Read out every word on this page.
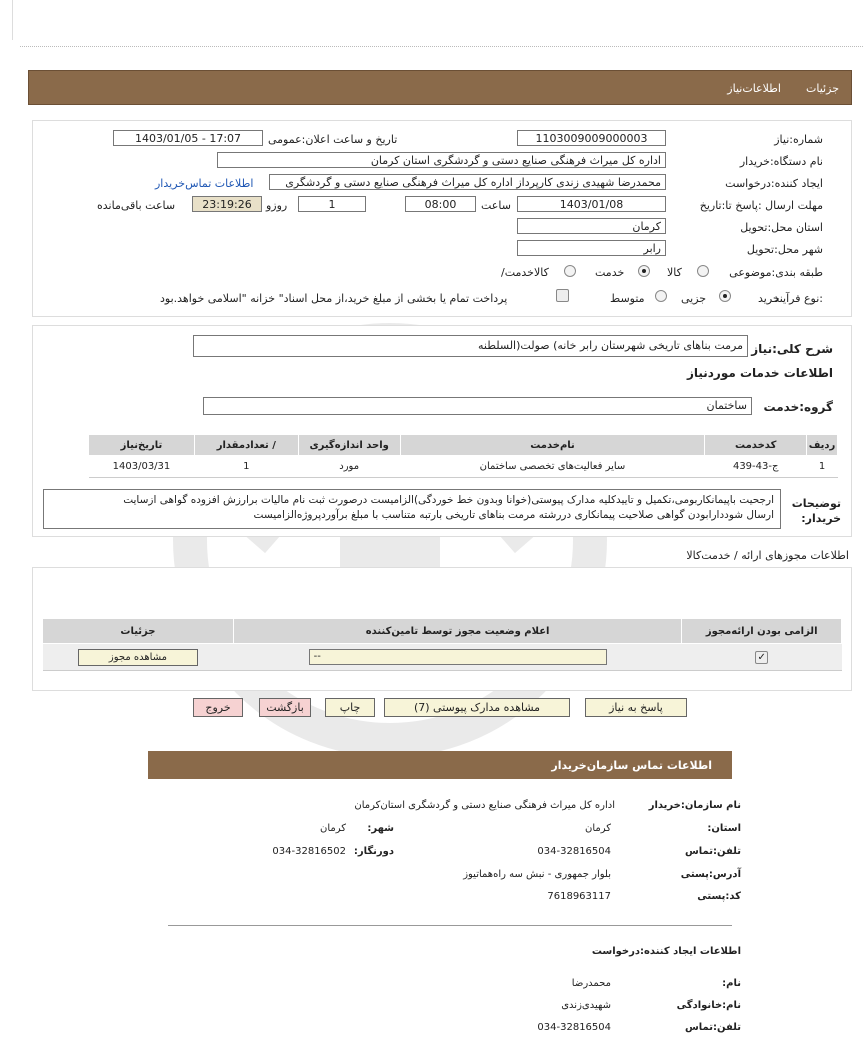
جزئیات
اطلاعات‌نیاز
شماره:نیاز
1103009009000003
تاریخ و ساعت اعلان:عمومی
1403/01/05 - 17:07
نام دستگاه:خریدار
اداره کل میراث فرهنگی صنایع دستی و گردشگری استان کرمان
ایجاد کننده:درخواست
محمدرضا شهیدی زندی کارپرداز اداره کل میراث فرهنگی صنایع دستی و گردشگری
اطلاعات تماس‌خریدار
مهلت ارسال :پاسخ تا:تاریخ
1403/01/08
ساعت
08:00
1
روزو
23:19:26
ساعت باقی‌مانده
استان محل:تحویل
کرمان
شهر محل:تحویل
رابر
طبقه بندی:موضوعی
کالا
خدمت
/کالاخدمت
نوع فرآیند:
خرید
جزیی
متوسط
پرداخت تمام یا بخشی از مبلغ خرید،از محل اسناد" خزانه "اسلامی خواهد.بود
شرح کلی:نیاز
مرمت بناهای تاریخی شهرستان رابر خانه) صولت(السلطنه
اطلاعات خدمات موردنیاز
گروه:خدمت
ساختمان
ردیف	کدخدمت	نام‌خدمت	واحد اندازه‌گیری	/ تعدادمقدار	تاریخ‌نیاز
1	ج-43-439	سایر فعالیت‌های تخصصی ساختمان	مورد	1	1403/03/31
توضیحات
:خریدار
ارجحیت باپیمانکاربومی،تکمیل و تاییدکلیه مدارک پیوستی(خوانا وبدون خط خوردگی)الزامیست درصورت ثبت نام مالیات برارزش افزوده گواهی ازسایت
ارسال شوددارابودن گواهی صلاحیت پیمانکاری دررشته مرمت بناهای تاریخی بارتبه متناسب با مبلغ برآوردپروژه‌الزامیست
اطلاعات مجوزهای ارائه / خدمت‌کالا
الزامی بودن ارائه‌مجوز	اعلام وضعیت مجوز توسط تامین‌کننده	جزئیات
✓	--	مشاهده مجوز
پاسخ به نیاز
مشاهده مدارک پیوستی (7)
چاپ
بازگشت
خروج
اطلاعات تماس سازمان‌خریدار
نام سازمان:خریدار
اداره کل میراث فرهنگی صنایع دستی و گردشگری استان‌کرمان
:استان
کرمان
:شهر
کرمان
تلفن:تماس
034-32816504
:دورنگار
034-32816502
آدرس:پستی
بلوار جمهوری - نبش سه راه‌هماتیوز
کد:پستی
7618963117
اطلاعات ایجاد کننده:درخواست
:نام
محمدرضا
نام:خانوادگی
شهیدی‌زندی
تلفن:تماس
034-32816504
